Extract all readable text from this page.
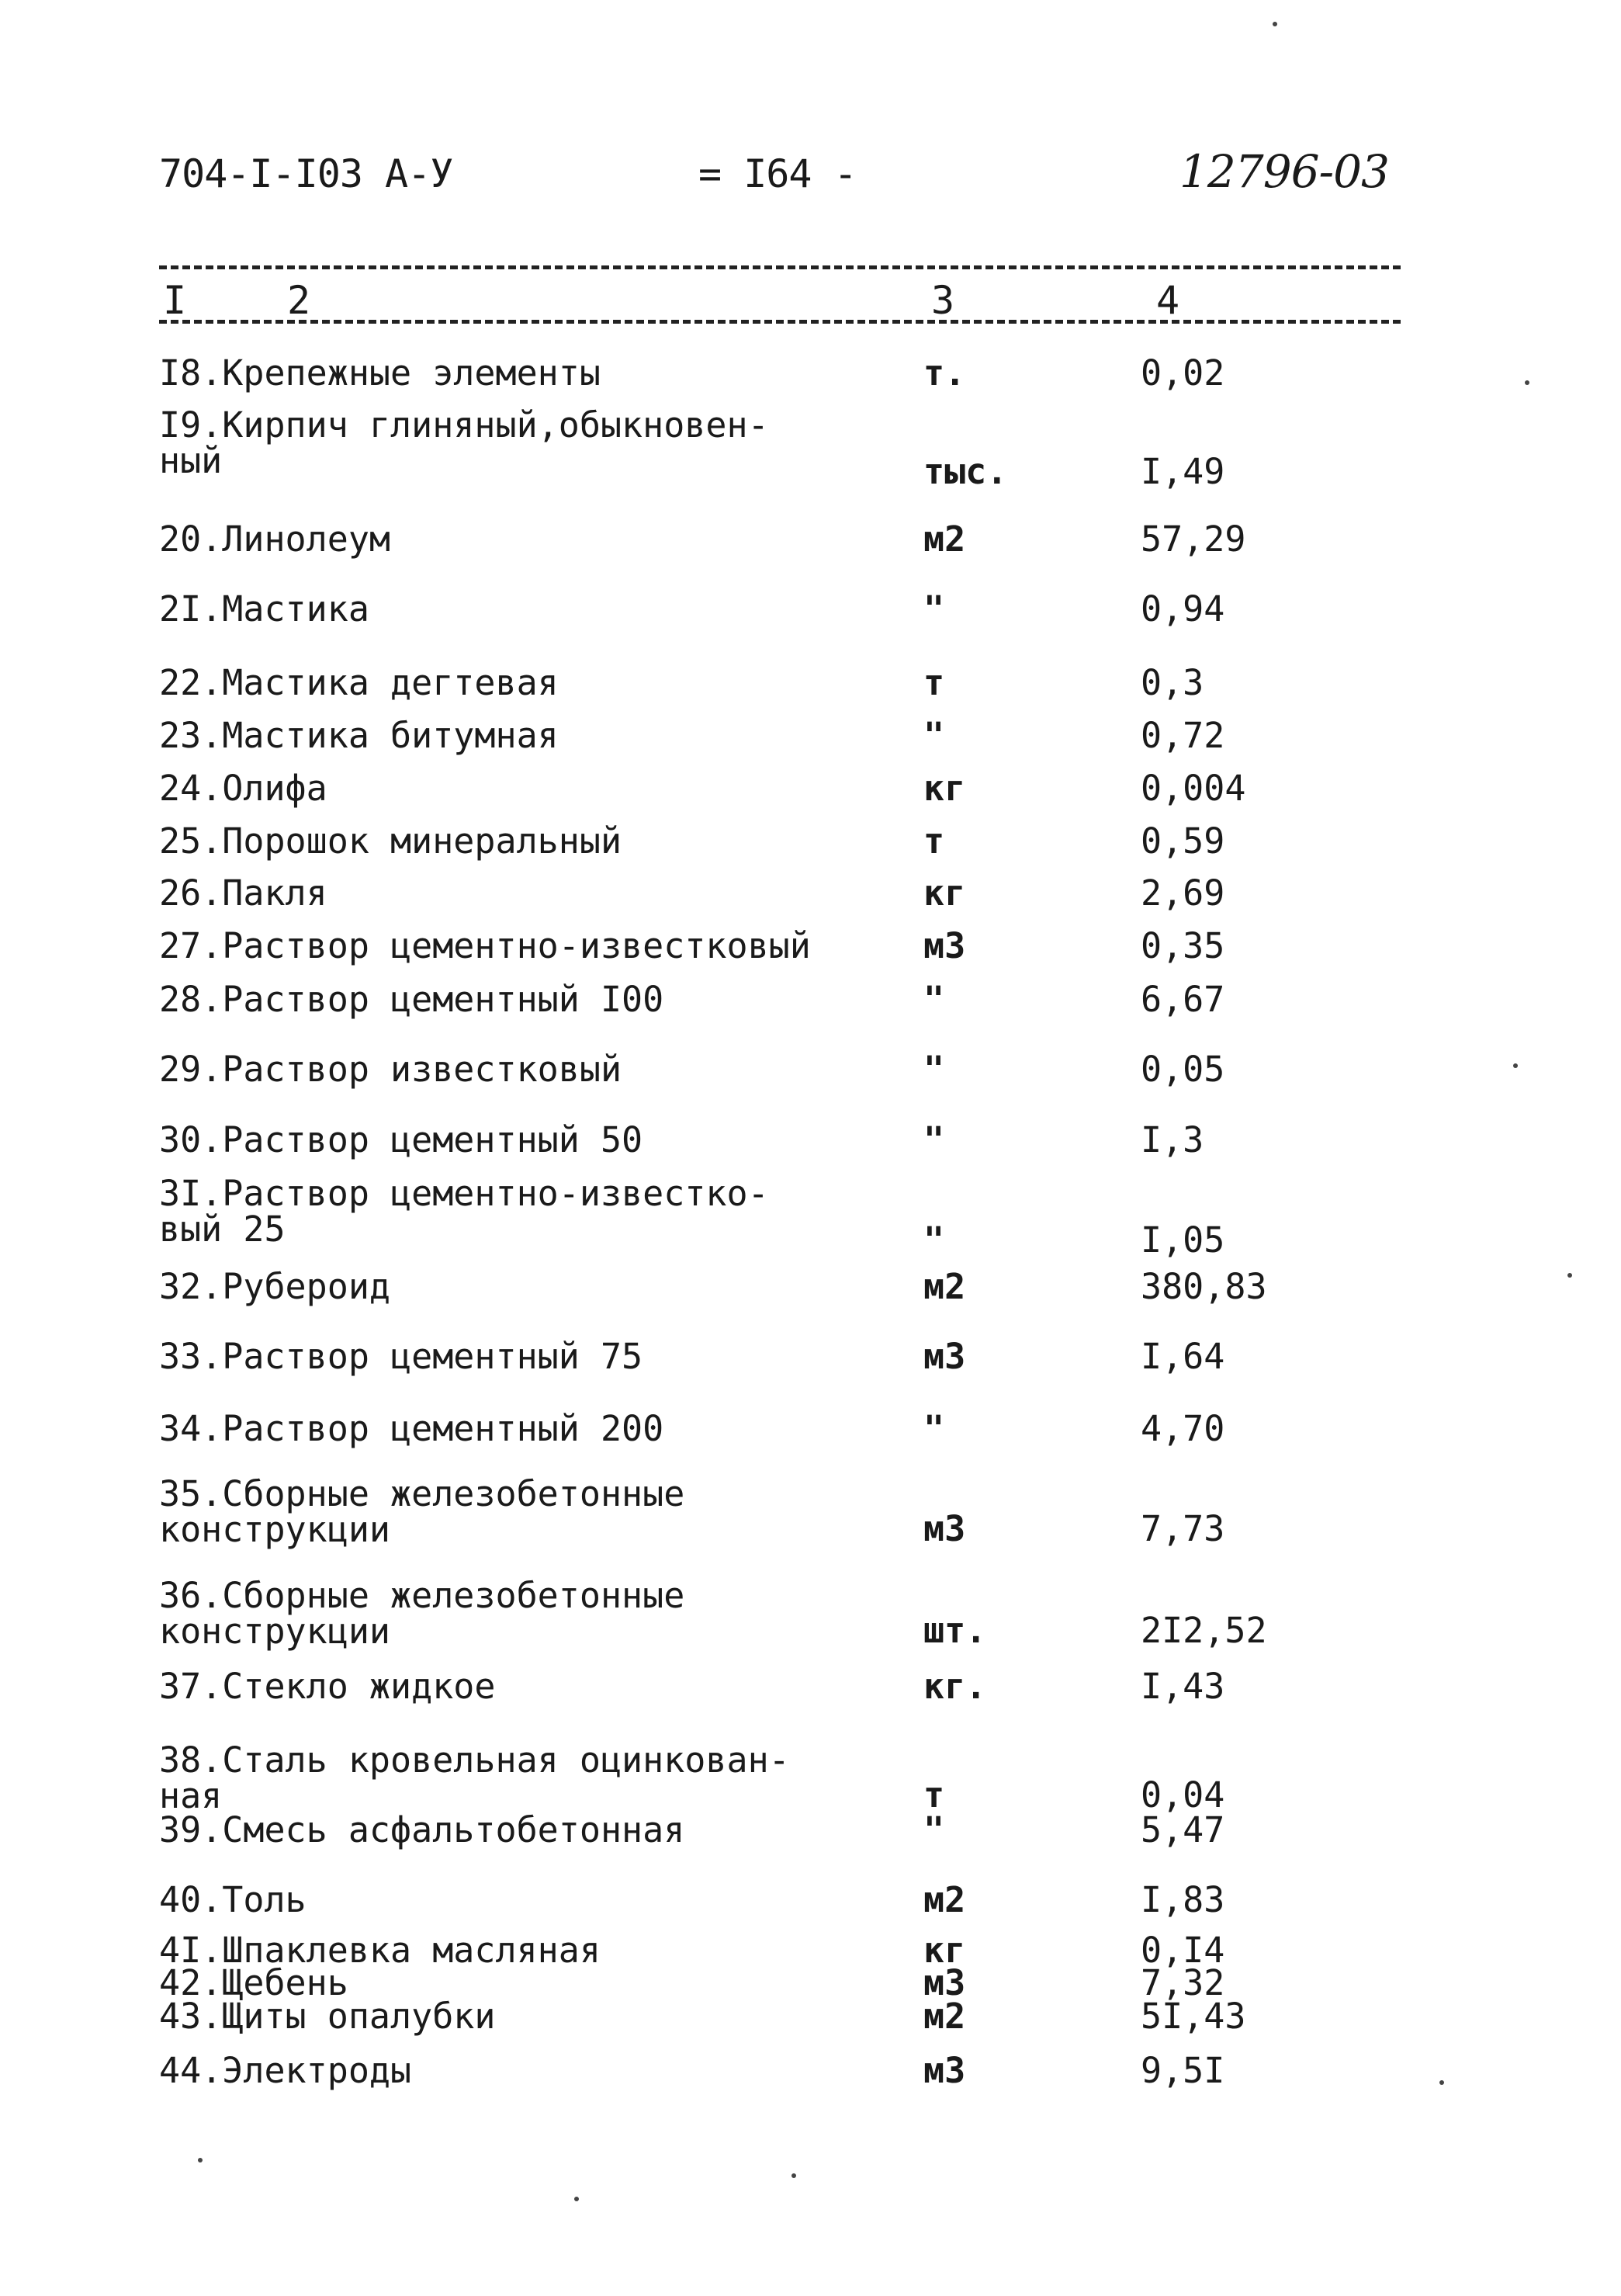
704-I-I03 А-У	= I64 -	12796-03
I	2	3	4
I8.Крепежные элементы	т.	0,02
I9.Кирпич глиняный,обыкновен-
ный	тыс.	I,49
20.Линолеум	м2	57,29
2I.Мастика	"	0,94
22.Мастика дегтевая	т	0,3
23.Мастика битумная	"	0,72
24.Олифа	кг	0,004
25.Порошок минеральный	т	0,59
26.Пакля	кг	2,69
27.Раствор цементно-известковый	м3	0,35
28.Раствор цементный I00	"	6,67
29.Раствор известковый	"	0,05
30.Раствор цементный 50	"	I,3
3I.Раствор цементно-известко-
вый 25	"	I,05
32.Рубероид	м2	380,83
33.Раствор цементный 75	м3	I,64
34.Раствор цементный 200	"	4,70
35.Сборные железобетонные
конструкции	м3	7,73
36.Сборные железобетонные
конструкции	шт.	2I2,52
37.Стекло жидкое	кг.	I,43
38.Сталь кровельная оцинкован-
ная	т	0,04
39.Смесь асфальтобетонная	"	5,47
40.Толь	м2	I,83
4I.Шпаклевка масляная	кг	0,I4
42.Щебень	м3	7,32
43.Щиты опалубки	м2	5I,43
44.Электроды	м3	9,5I
